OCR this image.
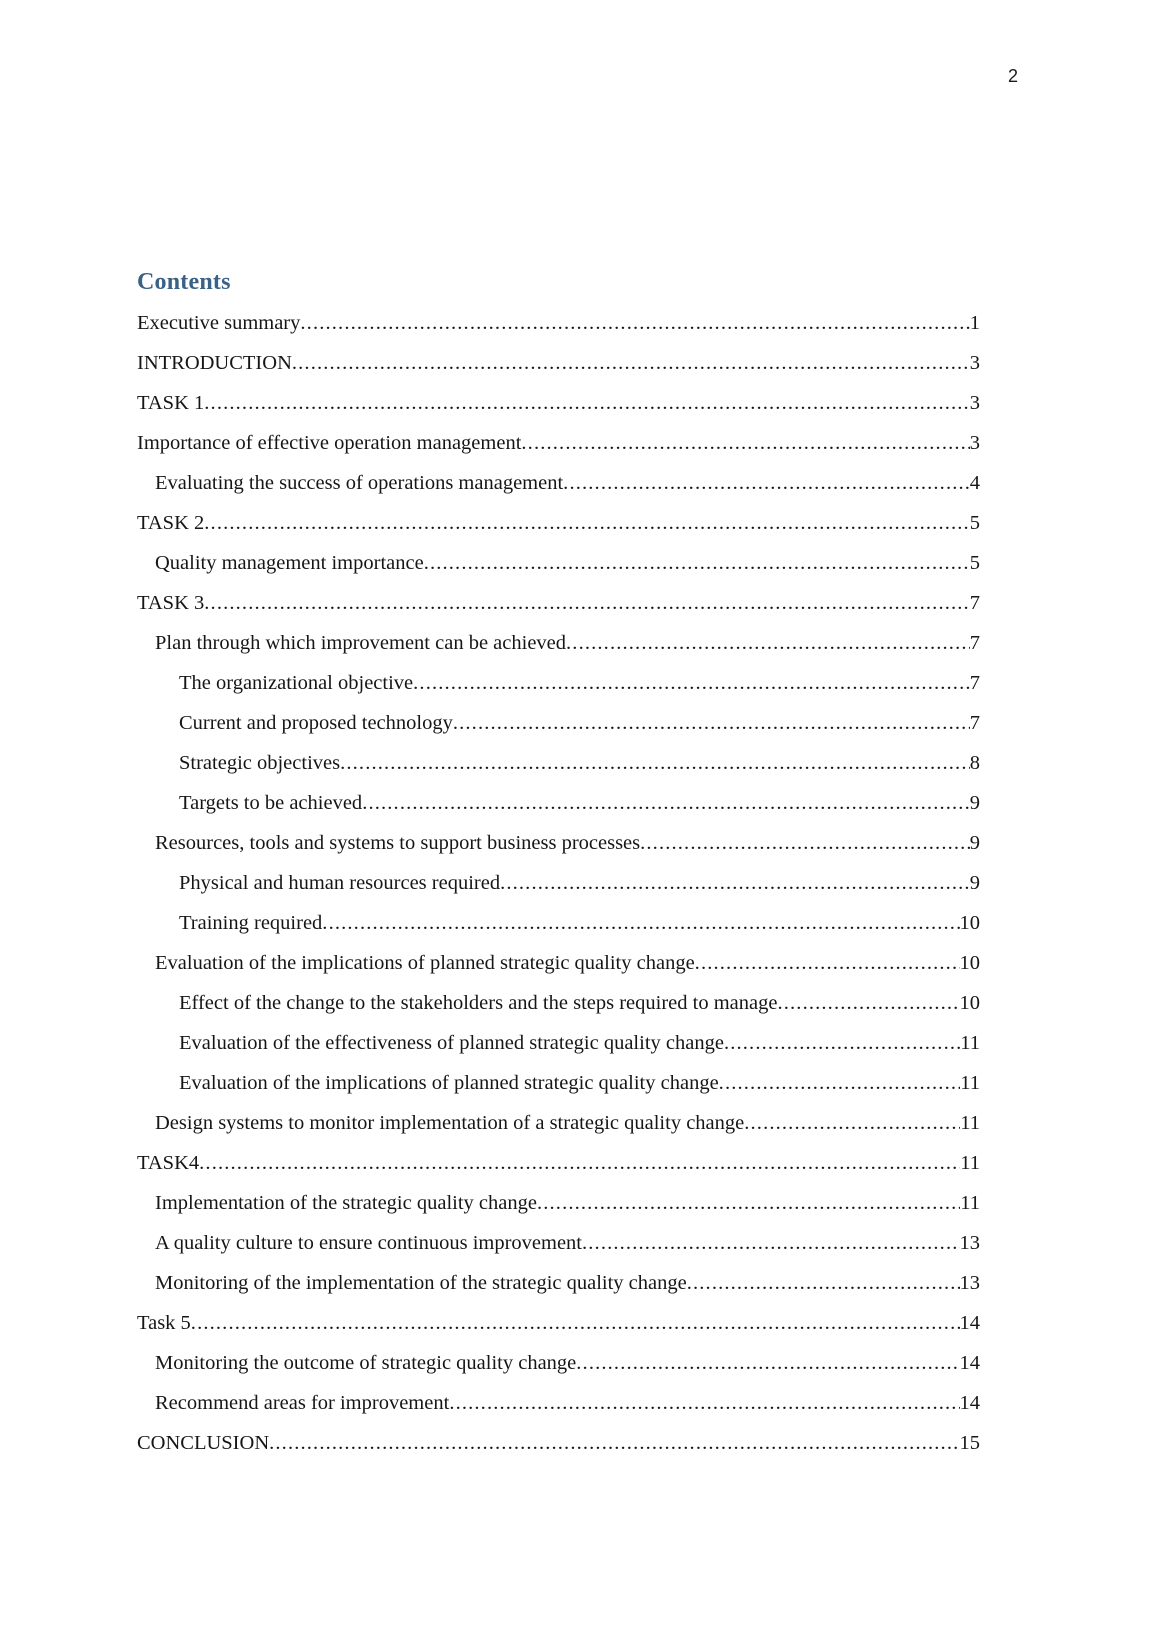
2
Contents
Executive summary .....	1
INTRODUCTION .....	3
TASK 1 .....	3
Importance of effective operation management .....	3
Evaluating the success of operations management .....	4
TASK 2 .....	5
Quality management importance .....	5
TASK 3 .....	7
Plan through which improvement can be achieved .....	7
The organizational objective .....	7
Current and proposed technology .....	7
Strategic objectives .....	8
Targets to be achieved .....	9
Resources, tools and systems to support business processes .....	9
Physical and human resources required .....	9
Training required .....	10
Evaluation of the implications of planned strategic quality change .....	10
Effect of the change to the stakeholders and the steps required to manage .....	10
Evaluation of the effectiveness of planned strategic quality change .....	11
Evaluation of the implications of planned strategic quality change .....	11
Design systems to monitor implementation of a strategic quality change .....	11
TASK4 .....	11
Implementation of the strategic quality change .....	11
A quality culture to ensure continuous improvement .....	13
Monitoring of the implementation of the strategic quality change .....	13
Task 5 .....	14
Monitoring the outcome of strategic quality change .....	14
Recommend areas for improvement .....	14
CONCLUSION .....	15
